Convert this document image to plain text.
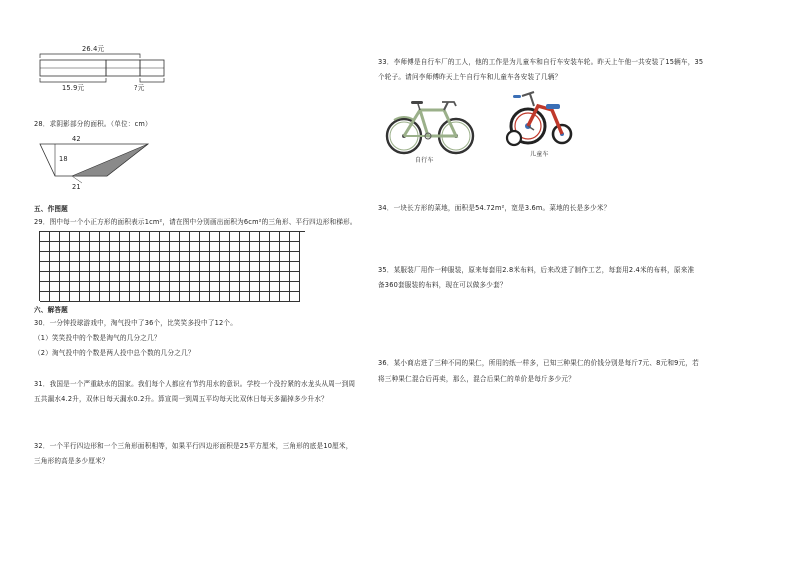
26.4元
15.9元	?元
28．求阴影部分的面积。（单位：cm）
42
18
21
五、作图题
29．图中每一个小正方形的面积表示1cm²，请在图中分别画出面积为6cm²的三角形、平行四边形和梯形。
六、解答题
30．一分钟投球游戏中，淘气投中了36个，比笑笑多投中了12个。
（1）笑笑投中的个数是淘气的几分之几？
（2）淘气投中的个数是两人投中总个数的几分之几？
31．我国是一个严重缺水的国家。我们每个人都应有节约用水的意识。学校一个没拧紧的水龙头从周一到周
五共漏水4.2升，双休日每天漏水0.2升。算宣周一到周五平均每天比双休日每天多漏掉多少升水？
32．一个平行四边形和一个三角形面积相等，如果平行四边形面积是25平方厘米，三角形的底是10厘米，
三角形的高是多少厘米？
33．李师傅是自行车厂的工人，他的工作是为儿童车和自行车安装车轮。昨天上午他一共安装了15辆车，35
个轮子。请问李师傅昨天上午自行车和儿童车各安装了几辆？
自行车
儿童车
34．一块长方形的菜地，面积是54.72m²，宽是3.6m。菜地的长是多少米？
35．某服装厂用作一种服装，原来每套用2.8米布料，后来改进了制作工艺，每套用2.4米的布料，原来准
备360套服装的布料，现在可以做多少套？
36．某小商店进了三种不同的果仁，所用的纸一样多，已知三种果仁的价钱分别是每斤7元、8元和9元，若
将三种果仁混合后再卖，那么，混合后果仁的单价是每斤多少元？
